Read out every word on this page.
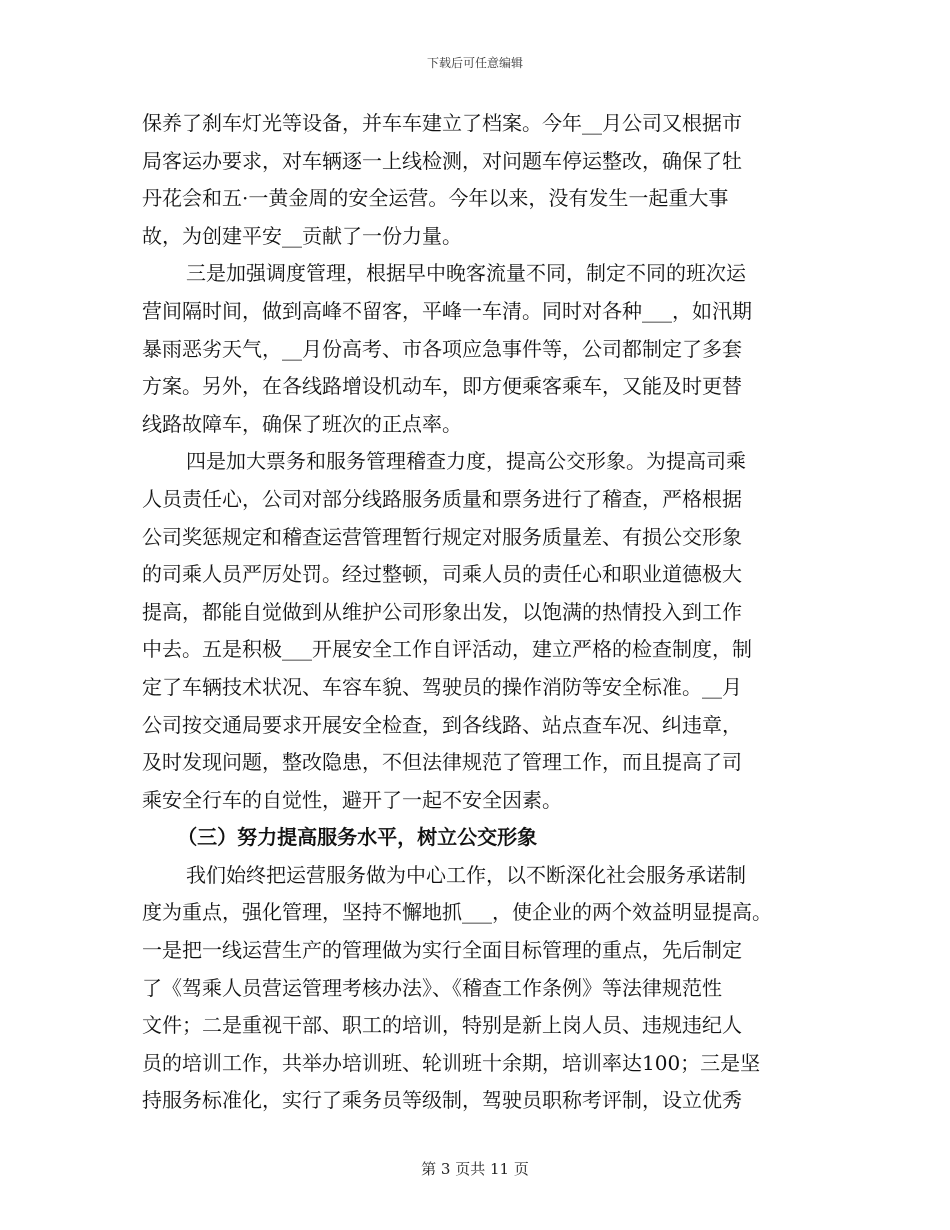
下载后可任意编辑
保养了刹车灯光等设备，并车车建立了档案。今年__月公司又根据市
局客运办要求，对车辆逐一上线检测，对问题车停运整改，确保了牡
丹花会和五·一黄金周的安全运营。今年以来，没有发生一起重大事
故，为创建平安__贡献了一份力量。
三是加强调度管理，根据早中晚客流量不同，制定不同的班次运
营间隔时间，做到高峰不留客，平峰一车清。同时对各种___，如汛期
暴雨恶劣天气，__月份高考、市各项应急事件等，公司都制定了多套
方案。另外，在各线路增设机动车，即方便乘客乘车，又能及时更替
线路故障车，确保了班次的正点率。
四是加大票务和服务管理稽查力度，提高公交形象。为提高司乘
人员责任心，公司对部分线路服务质量和票务进行了稽查，严格根据
公司奖惩规定和稽查运营管理暂行规定对服务质量差、有损公交形象
的司乘人员严厉处罚。经过整顿，司乘人员的责任心和职业道德极大
提高，都能自觉做到从维护公司形象出发，以饱满的热情投入到工作
中去。五是积极___开展安全工作自评活动，建立严格的检查制度，制
定了车辆技术状况、车容车貌、驾驶员的操作消防等安全标准。__月
公司按交通局要求开展安全检查，到各线路、站点查车况、纠违章，
及时发现问题，整改隐患，不但法律规范了管理工作，而且提高了司
乘安全行车的自觉性，避开了一起不安全因素。
（三）努力提高服务水平，树立公交形象
我们始终把运营服务做为中心工作，以不断深化社会服务承诺制
度为重点，强化管理，坚持不懈地抓___，使企业的两个效益明显提高。
一是把一线运营生产的管理做为实行全面目标管理的重点，先后制定
了《驾乘人员营运管理考核办法》、《稽查工作条例》等法律规范性
文件；二是重视干部、职工的培训，特别是新上岗人员、违规违纪人
员的培训工作，共举办培训班、轮训班十余期，培训率达100；三是坚
持服务标准化，实行了乘务员等级制，驾驶员职称考评制，设立优秀
第 3 页共 11 页
